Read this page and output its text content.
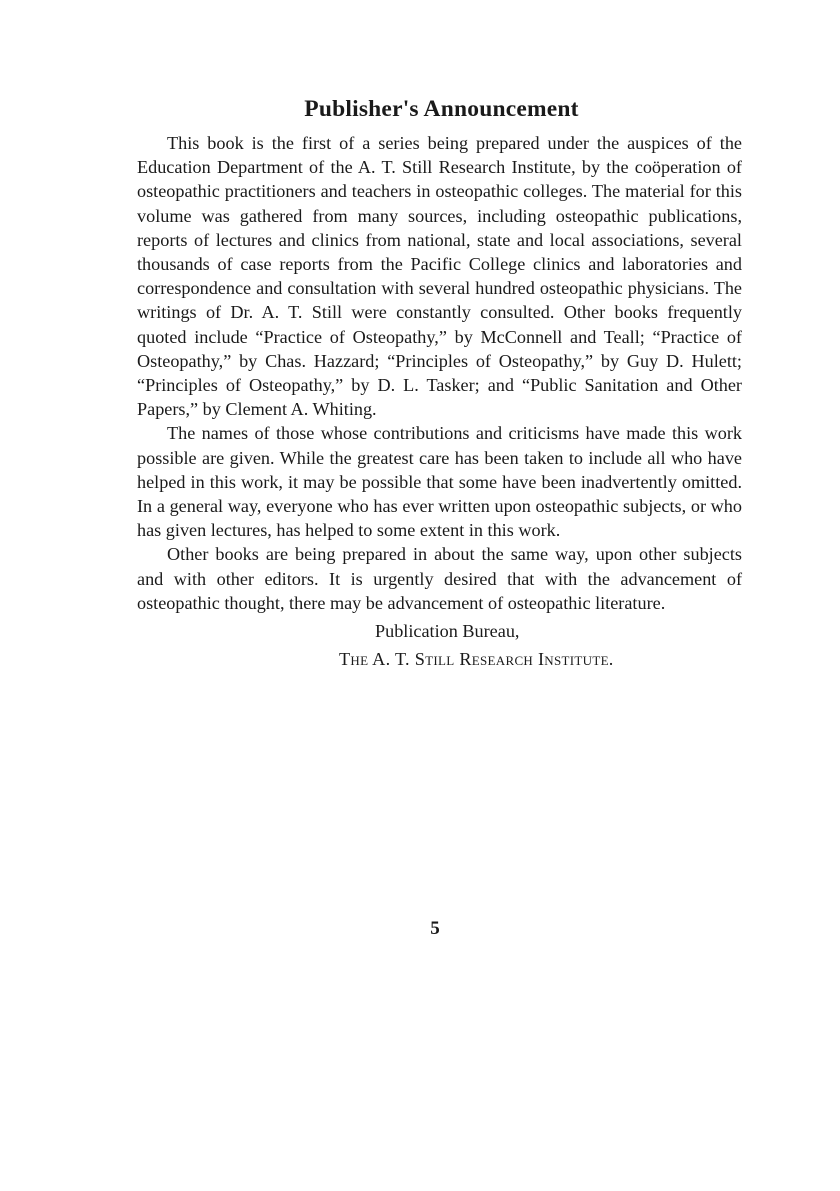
Publisher's Announcement

This book is the first of a series being prepared under the auspices of the Education Department of the A. T. Still Research Institute, by the coöperation of osteopathic practitioners and teachers in osteopathic colleges. The material for this volume was gathered from many sources, including osteopathic publications, reports of lectures and clinics from national, state and local associations, several thousands of case reports from the Pacific College clinics and laboratories and correspondence and consultation with several hundred osteopathic physicians. The writings of Dr. A. T. Still were constantly consulted. Other books frequently quoted include “Practice of Osteopathy,” by McConnell and Teall; “Practice of Osteopathy,” by Chas. Hazzard; “Principles of Osteopathy,” by Guy D. Hulett; “Principles of Osteopathy,” by D. L. Tasker; and “Public Sanitation and Other Papers,” by Clement A. Whiting.

The names of those whose contributions and criticisms have made this work possible are given. While the greatest care has been taken to include all who have helped in this work, it may be possible that some have been inadvertently omitted. In a general way, everyone who has ever written upon osteopathic subjects, or who has given lectures, has helped to some extent in this work.

Other books are being prepared in about the same way, upon other subjects and with other editors. It is urgently desired that with the advancement of osteopathic thought, there may be advancement of osteopathic literature.

Publication Bureau,
The A. T. Still Research Institute.
5
